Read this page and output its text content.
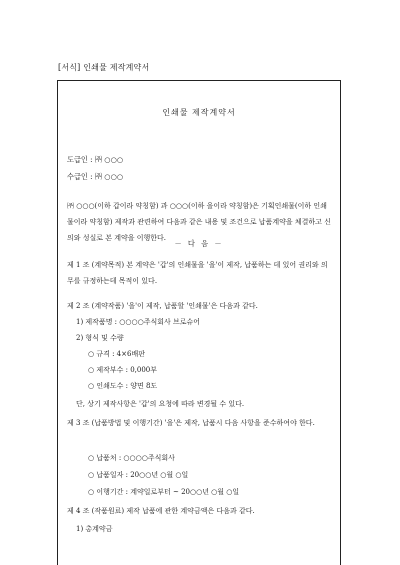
[서식] 인쇄물 제작계약서
인쇄물 제작계약서
도급인 : ㈜ ○○○
수급인 : ㈜ ○○○
㈜ ○○○(이하 갑이라 약칭함) 과 ○○○(이하 을이라 약칭함)은 기획인쇄물(이하 인쇄물이라 약칭함) 제작과 관련하여 다음과 같은 내용 및 조건으로 납품계약을 체결하고 신의와 성실로 본 계약을 이행한다.
－ 다 음 －
제 1 조 (계약목적) 본 계약은 '갑'의 인쇄물을 '을'이 제작, 납품하는 데 있어 권리와 의무를 규정하는데 목적이 있다.
제 2 조 (계약작품) '을'이 제작, 납품할 '인쇄물'은 다음과 같다.
1) 제작품명 : ○○○○주식회사 브로슈어
2) 형식 및 수량
○ 규격 : 4×6배판
○ 제작부수 : 0,000부
○ 인쇄도수 : 양면 8도
단, 상기 제작사항은 '갑'의 요청에 따라 변경될 수 있다.
제 3 조 (납품방법 및 이행기간) '을'은 제작, 납품시 다음 사항을 준수하여야 한다.
○ 납품처 : ○○○○주식회사
○ 납품일자 : 20○○년 ○월 ○일
○ 이행기간 : 계약일로부터 ~ 20○○년 ○월 ○일
제 4 조 (작품원료) 제작 납품에 관한 계약금액은 다음과 같다.
1) 총계약금
